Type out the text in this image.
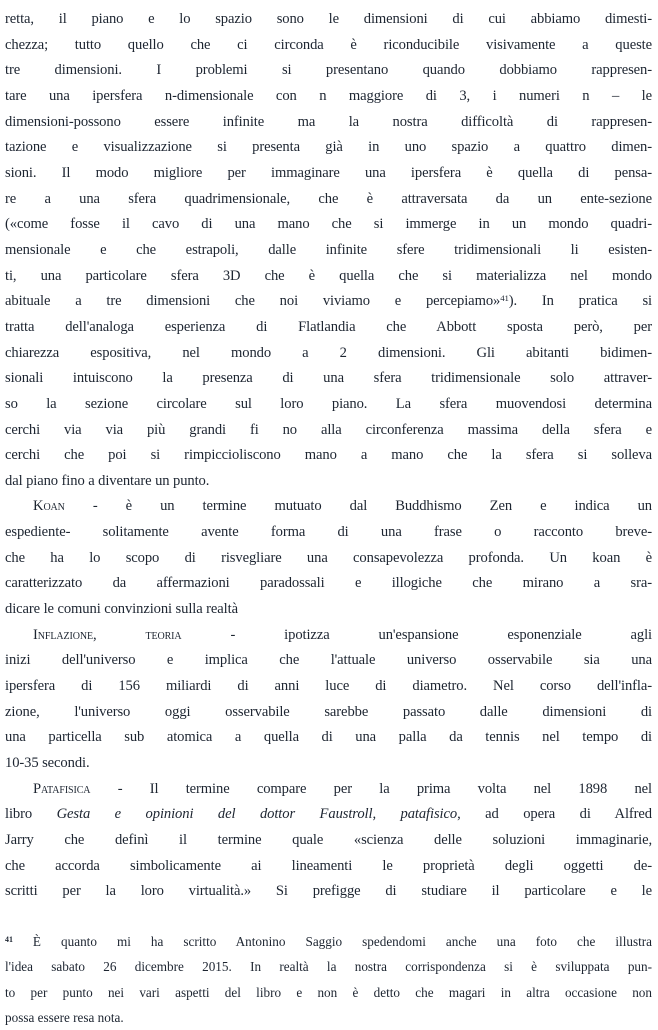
retta, il piano e lo spazio sono le dimensioni di cui abbiamo dimesti-
chezza; tutto quello che ci circonda è riconducibile visivamente a queste
tre dimensioni. I problemi si presentano quando dobbiamo rappresen-
tare una ipersfera n-dimensionale con n maggiore di 3, i numeri n – le
dimensioni-possono essere infinite ma la nostra difficoltà di rappresen-
tazione e visualizzazione si presenta già in uno spazio a quattro dimen-
sioni. Il modo migliore per immaginare una ipersfera è quella di pensa-
re a una sfera quadrimensionale, che è attraversata da un ente-sezione
(«come fosse il cavo di una mano che si immerge in un mondo quadri-
mensionale e che estrapoli, dalle infinite sfere tridimensionali li esisten-
ti, una particolare sfera 3D che è quella che si materializza nel mondo
abituale a tre dimensioni che noi viviamo e percepiamo»$^{41}$). In pratica si
tratta dell'analoga esperienza di Flatlandia che Abbott sposta però, per
chiarezza espositiva, nel mondo a 2 dimensioni. Gli abitanti bidimen-
sionali intuiscono la presenza di una sfera tridimensionale solo attraver-
so la sezione circolare sul loro piano. La sfera muovendosi determina
cerchi via via più grandi fi no alla circonferenza massima della sfera e
cerchi che poi si rimpiccioliscono mano a mano che la sfera si solleva
dal piano fino a diventare un punto.
Koan - è un termine mutuato dal Buddhismo Zen e indica un
espediente- solitamente avente forma di una frase o racconto breve-
che ha lo scopo di risvegliare una consapevolezza profonda. Un koan è
caratterizzato da affermazioni paradossali e illogiche che mirano a sra-
dicare le comuni convinzioni sulla realtà
Inflazione, teoria - ipotizza un'espansione esponenziale agli
inizi dell'universo e implica che l'attuale universo osservabile sia una
ipersfera di 156 miliardi di anni luce di diametro. Nel corso dell'infla-
zione, l'universo oggi osservabile sarebbe passato dalle dimensioni di
una particella sub atomica a quella di una palla da tennis nel tempo di
10-35 secondi.
Patafisica - Il termine compare per la prima volta nel 1898 nel
libro Gesta e opinioni del dottor Faustroll, patafisico, ad opera di Alfred
Jarry che definì il termine quale «scienza delle soluzioni immaginarie,
che accorda simbolicamente ai lineamenti le proprietà degli oggetti de-
scritti per la loro virtualità.» Si prefigge di studiare il particolare e le
$^{41}$ È quanto mi ha scritto Antonino Saggio spedendomi anche una foto che illustra
l'idea sabato 26 dicembre 2015. In realtà la nostra corrispondenza si è sviluppata pun-
to per punto nei vari aspetti del libro e non è detto che magari in altra occasione non
possa essere resa nota.
